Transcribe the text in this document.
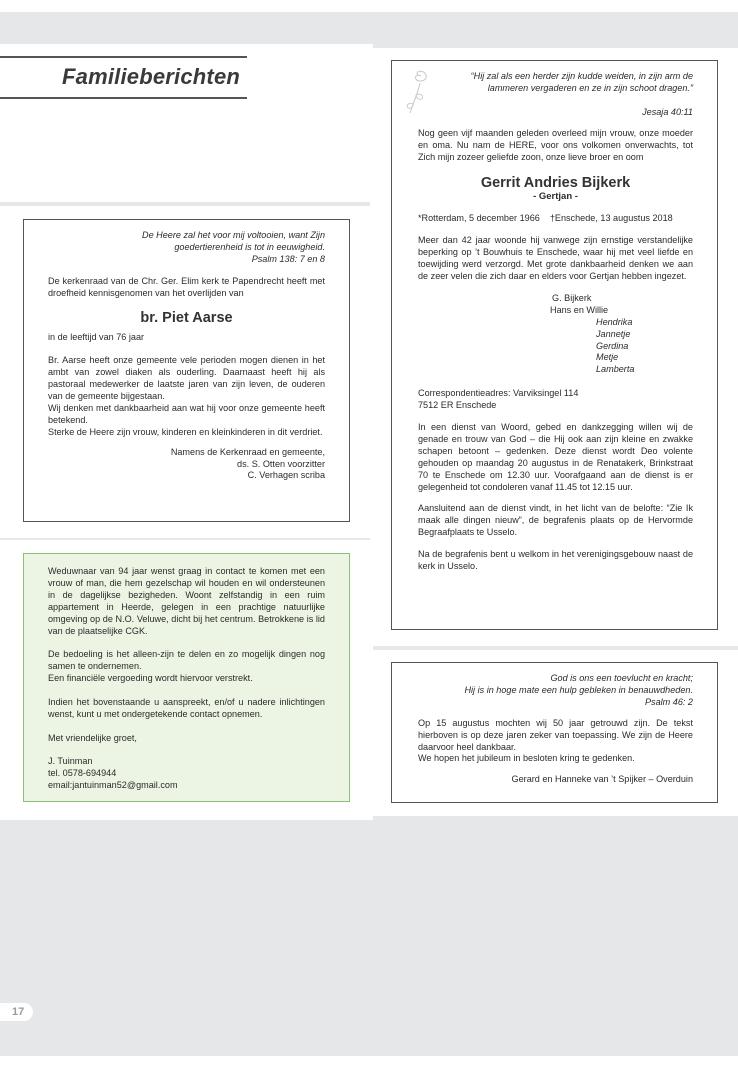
Familieberichten
De Heere zal het voor mij voltooien, want Zijn
goedertierenheid is tot in eeuwigheid.
Psalm 138: 7 en 8

De kerkenraad van de Chr. Ger. Elim kerk te Papendrecht heeft met droefheid kennisgenomen van het overlijden van

br. Piet Aarse

in de leeftijd van 76 jaar

Br. Aarse heeft onze gemeente vele perioden mogen dienen in het ambt van zowel diaken als ouderling. Daarnaast heeft hij als pastoraal medewerker de laatste jaren van zijn leven, de ouderen van de gemeente bijgestaan.

Wij denken met dankbaarheid aan wat hij voor onze gemeente heeft betekend.

Sterke de Heere zijn vrouw, kinderen en kleinkinderen in dit verdriet.

Namens de Kerkenraad en gemeente,
ds. S. Otten voorzitter
C. Verhagen scriba

Weduwnaar van 94 jaar wenst graag in contact te komen met een vrouw of man, die hem gezelschap wil houden en wil ondersteunen in de dagelijkse bezigheden. Woont zelfstandig in een ruim appartement in Heerde, gelegen in een prachtige natuurlijke omgeving op de N.O. Veluwe, dicht bij het centrum. Betrokkene is lid van de plaatselijke CGK.

De bedoeling is het alleen-zijn te delen en zo mogelijk dingen nog samen te ondernemen.

Een financiële vergoeding wordt hiervoor verstrekt.

Indien het bovenstaande u aanspreekt, en/of u nadere inlichtingen wenst, kunt u met ondergetekende contact opnemen.

Met vriendelijke groet,

J. Tuinman

tel. 0578-694944

email:jantuinman52@gmail.com

“Hij zal als een herder zijn kudde weiden, in zijn arm de
lammeren vergaderen en ze in zijn schoot dragen.”
Jesaja 40:11

Nog geen vijf maanden geleden overleed mijn vrouw, onze moeder en oma. Nu nam de HERE, voor ons volkomen onverwachts, tot Zich mijn zozeer geliefde zoon, onze lieve broer en oom

Gerrit Andries Bijkerk
- Gertjan -
*Rotterdam, 5 december 1966 †Enschede, 13 augustus 2018

Meer dan 42 jaar woonde hij vanwege zijn ernstige verstandelijke beperking op ’t Bouwhuis te Enschede, waar hij met veel liefde en toewijding werd verzorgd. Met grote dankbaarheid denken we aan de zeer velen die zich daar en elders voor Gertjan hebben ingezet.

G. Bijkerk
Hans en Willie
Hendrika
Jannetje
Gerdina
Metje
Lamberta

Correspondentieadres: Varviksingel 114

7512 ER Enschede

In een dienst van Woord, gebed en dankzegging willen wij de genade en trouw van God – die Hij ook aan zijn kleine en zwakke schapen betoont – gedenken. Deze dienst wordt Deo volente gehouden op maandag 20 augustus in de Renatakerk, Brinkstraat 70 te Enschede om 12.30 uur. Voorafgaand aan de dienst is er gelegenheid tot condoleren vanaf 11.45 tot 12.15 uur.

Aansluitend aan de dienst vindt, in het licht van de belofte: “Zie Ik maak alle dingen nieuw”, de begrafenis plaats op de Hervormde Begraafplaats te Usselo.

Na de begrafenis bent u welkom in het verenigingsgebouw naast de kerk in Usselo.

God is ons een toevlucht en kracht;
Hij is in hoge mate een hulp gebleken in benauwdheden.
Psalm 46: 2

Op 15 augustus mochten wij 50 jaar getrouwd zijn. De tekst hierboven is op deze jaren zeker van toepassing. We zijn de Heere daarvoor heel dankbaar.

We hopen het jubileum in besloten kring te gedenken.

Gerard en Hanneke van ’t Spijker – Overduin

17
